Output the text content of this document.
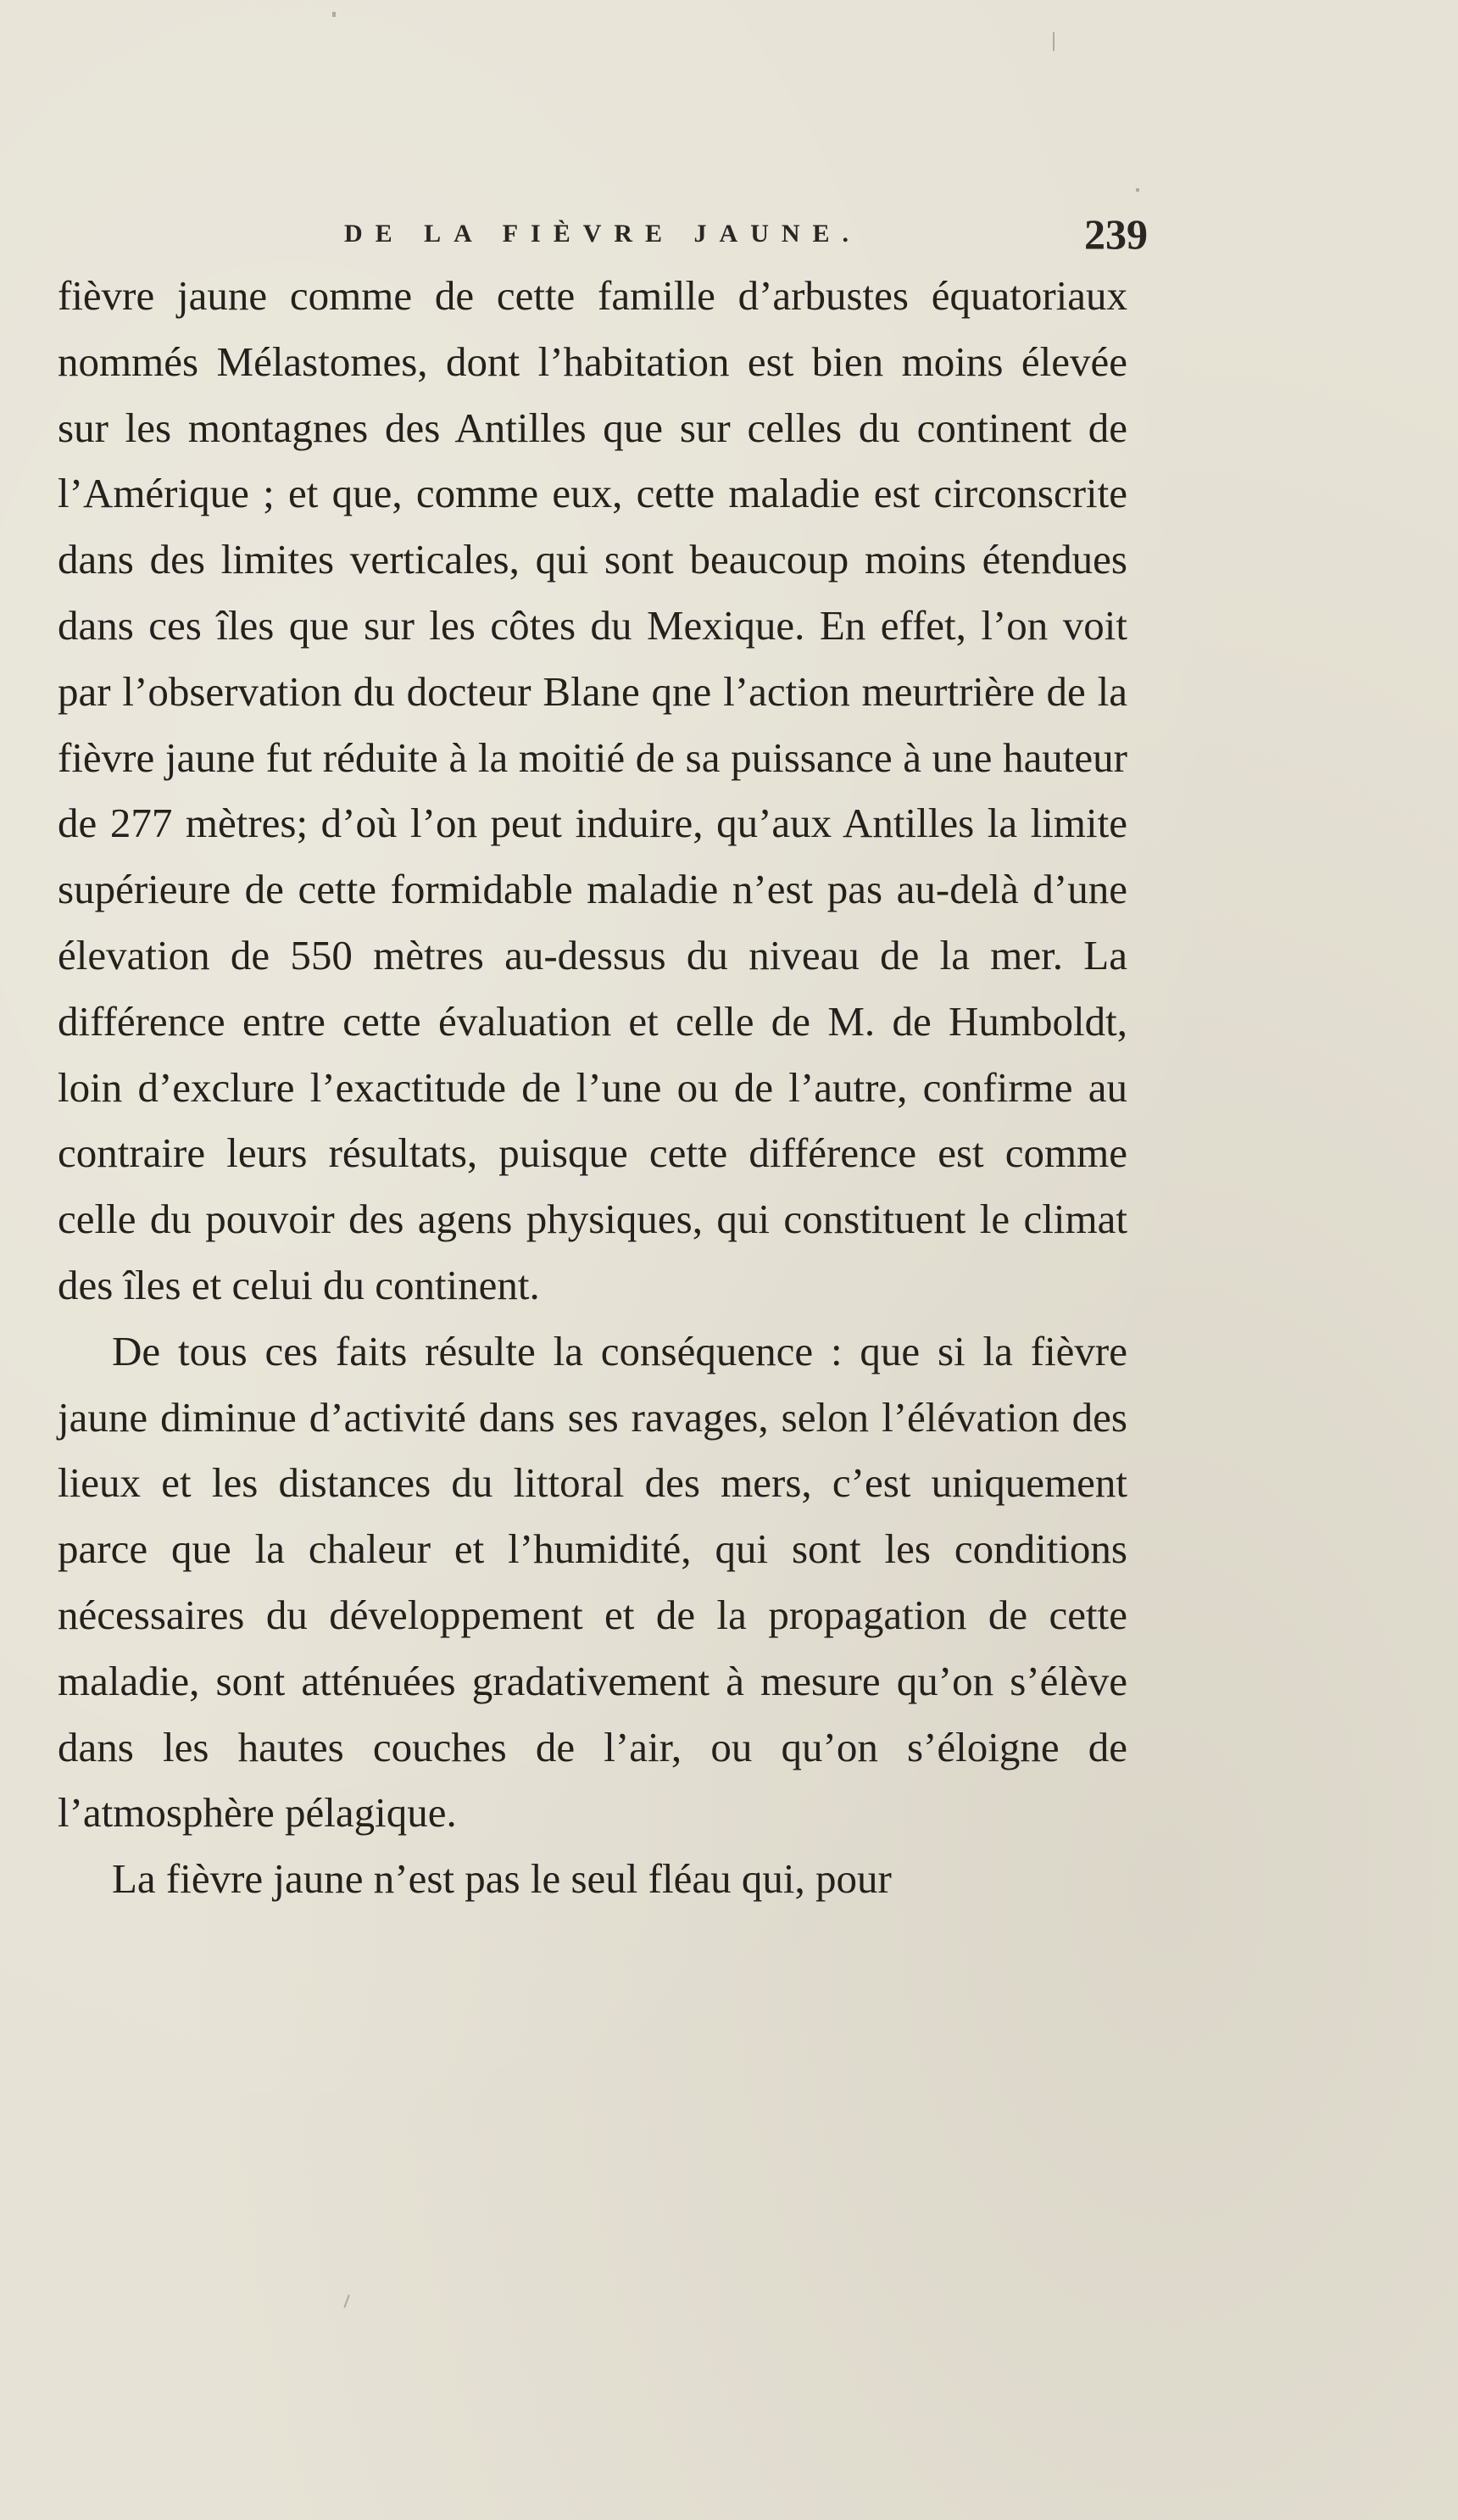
DE LA FIÈVRE JAUNE.	239

fièvre jaune comme de cette famille d’arbustes équatoriaux nommés Mélastomes, dont l’habitation est bien moins élevée sur les montagnes des Antilles que sur celles du continent de l’Amérique ; et que, comme eux, cette maladie est circonscrite dans des limites verticales, qui sont beaucoup moins étendues dans ces îles que sur les côtes du Mexique. En effet, l’on voit par l’observation du docteur Blane qne l’action meurtrière de la fièvre jaune fut réduite à la moitié de sa puissance à une hauteur de 277 mètres; d’où l’on peut induire, qu’aux Antilles la limite supérieure de cette formidable maladie n’est pas au-delà d’une élevation de 550 mètres au-dessus du niveau de la mer. La différence entre cette évaluation et celle de M. de Humboldt, loin d’exclure l’exactitude de l’une ou de l’autre, confirme au contraire leurs résultats, puisque cette différence est comme celle du pouvoir des agens physiques, qui constituent le climat des îles et celui du continent.

De tous ces faits résulte la conséquence : que si la fièvre jaune diminue d’activité dans ses ravages, selon l’élévation des lieux et les distances du littoral des mers, c’est uniquement parce que la chaleur et l’humidité, qui sont les conditions nécessaires du développement et de la propagation de cette maladie, sont atténuées gradativement à mesure qu’on s’élève dans les hautes couches de l’air, ou qu’on s’éloigne de l’atmosphère pélagique.

La fièvre jaune n’est pas le seul fléau qui, pour
